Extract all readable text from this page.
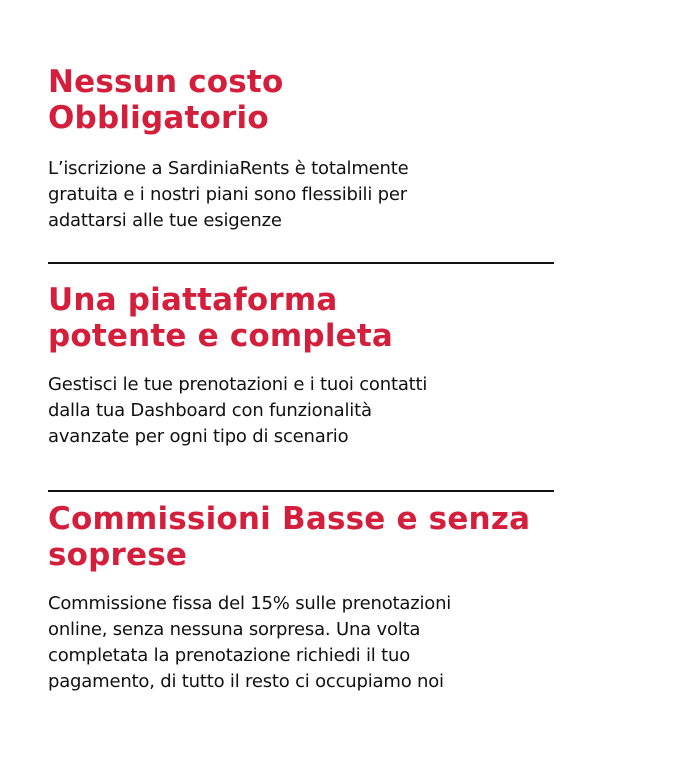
Nessun costo
Obbligatorio

L’iscrizione a SardiniaRents è totalmente gratuita e i nostri piani sono flessibili per adattarsi alle tue esigenze

Una piattaforma
potente e completa

Gestisci le tue prenotazioni e i tuoi contatti dalla tua Dashboard con funzionalità avanzate per ogni tipo di scenario

Commissioni Basse e senza
soprese

Commissione fissa del 15% sulle prenotazioni online, senza nessuna sorpresa. Una volta completata la prenotazione richiedi il tuo pagamento, di tutto il resto ci occupiamo noi
